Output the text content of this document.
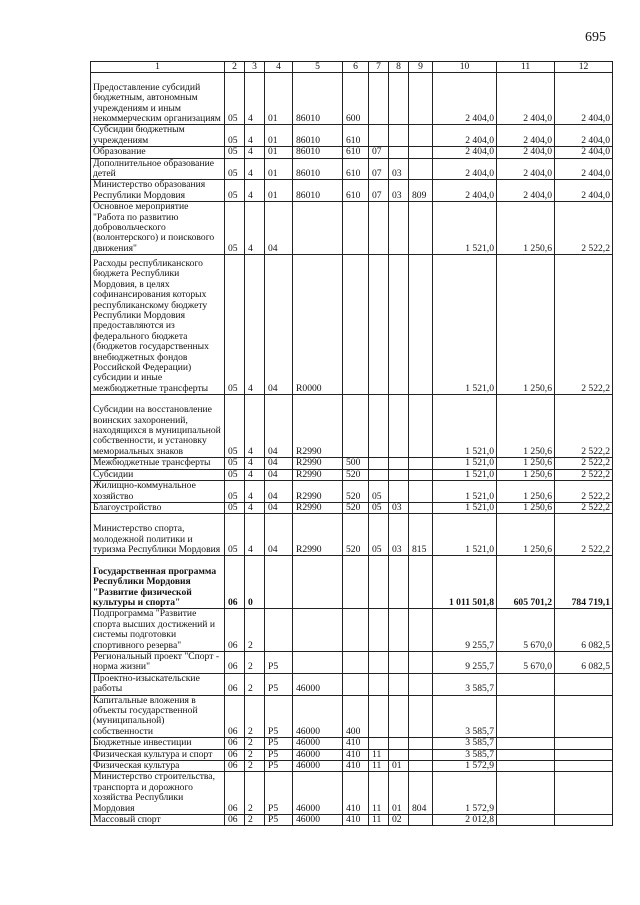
695
1	2	3	4	5	6	7	8	9	10	11	12
Предоставление субсидий бюджетным, автономным учреждениям и иным некоммерческим организациям	05	4	01	86010	600				2 404,0	2 404,0	2 404,0
Субсидии бюджетным учреждениям	05	4	01	86010	610				2 404,0	2 404,0	2 404,0
Образование	05	4	01	86010	610	07			2 404,0	2 404,0	2 404,0
Дополнительное образование детей	05	4	01	86010	610	07	03		2 404,0	2 404,0	2 404,0
Министерство образования Республики Мордовия	05	4	01	86010	610	07	03	809	2 404,0	2 404,0	2 404,0
Основное мероприятие "Работа по развитию добровольческого (волонтерского) и поискового движения"	05	4	04						1 521,0	1 250,6	2 522,2
Расходы республиканского бюджета Республики Мордовия, в целях софинансирования которых республиканскому бюджету Республики Мордовия предоставляются из федерального бюджета (бюджетов государственных внебюджетных фондов Российской Федерации) субсидии и иные межбюджетные трансферты	05	4	04	R0000					1 521,0	1 250,6	2 522,2
Субсидии на восстановление воинских захоронений, находящихся в муниципальной собственности, и установку мемориальных знаков	05	4	04	R2990					1 521,0	1 250,6	2 522,2
Межбюджетные трансферты	05	4	04	R2990	500				1 521,0	1 250,6	2 522,2
Субсидии	05	4	04	R2990	520				1 521,0	1 250,6	2 522,2
Жилищно-коммунальное хозяйство	05	4	04	R2990	520	05			1 521,0	1 250,6	2 522,2
Благоустройство	05	4	04	R2990	520	05	03		1 521,0	1 250,6	2 522,2
Министерство спорта, молодежной политики и туризма Республики Мордовия	05	4	04	R2990	520	05	03	815	1 521,0	1 250,6	2 522,2
Государственная программа Республики Мордовия "Развитие физической культуры и спорта"	06	0							1 011 501,8	605 701,2	784 719,1
Подпрограмма "Развитие спорта высших достижений и системы подготовки спортивного резерва"	06	2							9 255,7	5 670,0	6 082,5
Региональный проект "Спорт - норма жизни"	06	2	P5						9 255,7	5 670,0	6 082,5
Проектно-изыскательские работы	06	2	P5	46000					3 585,7		
Капитальные вложения в объекты государственной (муниципальной) собственности	06	2	P5	46000	400				3 585,7		
Бюджетные инвестиции	06	2	P5	46000	410				3 585,7		
Физическая культура и спорт	06	2	P5	46000	410	11			3 585,7		
Физическая культура	06	2	P5	46000	410	11	01		1 572,9		
Министерство строительства, транспорта и дорожного хозяйства Республики Мордовия	06	2	P5	46000	410	11	01	804	1 572,9		
Массовый спорт	06	2	P5	46000	410	11	02		2 012,8		
